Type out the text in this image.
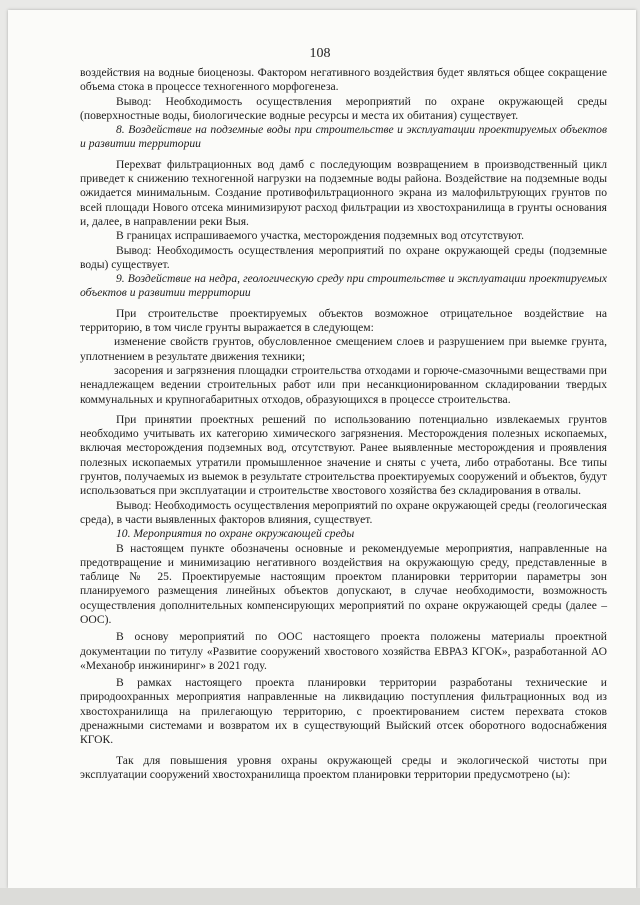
108

воздействия на водные биоценозы. Фактором негативного воздействия будет являться общее сокращение объема стока в процессе техногенного морфогенеза.

Вывод: Необходимость осуществления мероприятий по охране окружающей среды (поверхностные воды, биологические водные ресурсы и места их обитания) существует.

8. Воздействие на подземные воды при строительстве и эксплуатации проектируемых объектов и развитии территории

Перехват фильтрационных вод дамб с последующим возвращением в производственный цикл приведет к снижению техногенной нагрузки на подземные воды района. Воздействие на подземные воды ожидается минимальным. Создание противофильтрационного экрана из малофильтрующих грунтов по всей площади Нового отсека минимизируют расход фильтрации из хвостохранилища в грунты основания и, далее, в направлении реки Выя.

В границах испрашиваемого участка, месторождения подземных вод отсутствуют.

Вывод: Необходимость осуществления мероприятий по охране окружающей среды (подземные воды) существует.

9. Воздействие на недра, геологическую среду при строительстве и эксплуатации проектируемых объектов и развитии территории

При строительстве проектируемых объектов возможное отрицательное воздействие на территорию, в том числе грунты выражается в следующем:

изменение свойств грунтов, обусловленное смещением слоев и разрушением при выемке грунта, уплотнением в результате движения техники;

засорения и загрязнения площадки строительства отходами и горюче-смазочными веществами при ненадлежащем ведении строительных работ или при несанкционированном складировании твердых коммунальных и крупногабаритных отходов, образующихся в процессе строительства.

При принятии проектных решений по использованию потенциально извлекаемых грунтов необходимо учитывать их категорию химического загрязнения. Месторождения полезных ископаемых, включая месторождения подземных вод, отсутствуют. Ранее выявленные месторождения и проявления полезных ископаемых утратили промышленное значение и сняты с учета, либо отработаны. Все типы грунтов, получаемых из выемок в результате строительства проектируемых сооружений и объектов, будут использоваться при эксплуатации и строительстве хвостового хозяйства без складирования в отвалы.

Вывод: Необходимость осуществления мероприятий по охране окружающей среды (геологическая среда), в части выявленных факторов влияния, существует.

10. Мероприятия по охране окружающей среды

В настоящем пункте обозначены основные и рекомендуемые мероприятия, направленные на предотвращение и минимизацию негативного воздействия на окружающую среду, представленные в таблице № 25. Проектируемые настоящим проектом планировки территории параметры зон планируемого размещения линейных объектов допускают, в случае необходимости, возможность осуществления дополнительных компенсирующих мероприятий по охране окружающей среды (далее – ООС).

В основу мероприятий по ООС настоящего проекта положены материалы проектной документации по титулу «Развитие сооружений хвостового хозяйства ЕВРАЗ КГОК», разработанной АО «Механобр инжиниринг» в 2021 году.

В рамках настоящего проекта планировки территории разработаны технические и природоохранных мероприятия направленные на ликвидацию поступления фильтрационных вод из хвостохранилища на прилегающую территорию, с проектированием систем перехвата стоков дренажными системами и возвратом их в существующий Выйский отсек оборотного водоснабжения КГОК.

Так для повышения уровня охраны окружающей среды и экологической чистоты при эксплуатации сооружений хвостохранилища проектом планировки территории предусмотрено (ы):
